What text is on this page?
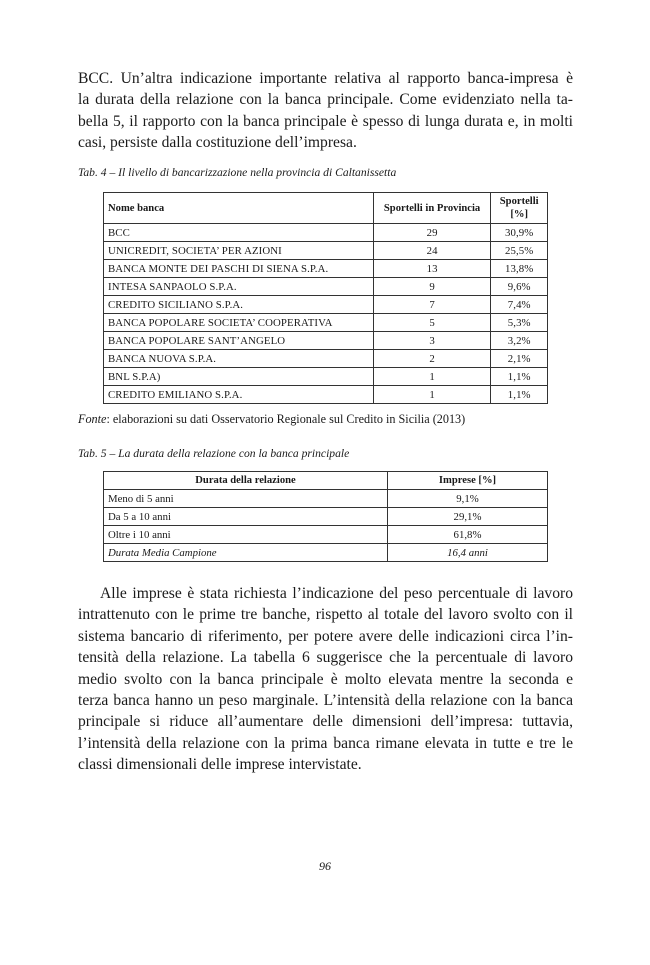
BCC. Un’altra indicazione importante relativa al rapporto banca-impresa è
la durata della relazione con la banca principale. Come evidenziato nella ta-
bella 5, il rapporto con la banca principale è spesso di lunga durata e, in molti
casi, persiste dalla costituzione dell’impresa.

Tab. 4 – Il livello di bancarizzazione nella provincia di Caltanissetta

Nome banca	Sportelli in Provincia	Sportelli [%]
BCC	29	30,9%
UNICREDIT, SOCIETA’ PER AZIONI	24	25,5%
BANCA MONTE DEI PASCHI DI SIENA S.P.A.	13	13,8%
INTESA SANPAOLO S.P.A.	9	9,6%
CREDITO SICILIANO S.P.A.	7	7,4%
BANCA POPOLARE SOCIETA’ COOPERATIVA	5	5,3%
BANCA POPOLARE SANT’ANGELO	3	3,2%
BANCA NUOVA S.P.A.	2	2,1%
BNL S.P.A)	1	1,1%
CREDITO EMILIANO S.P.A.	1	1,1%

Fonte: elaborazioni su dati Osservatorio Regionale sul Credito in Sicilia (2013)

Tab. 5 – La durata della relazione con la banca principale

Durata della relazione	Imprese [%]
Meno di 5 anni	9,1%
Da 5 a 10 anni	29,1%
Oltre i 10 anni	61,8%
Durata Media Campione	16,4 anni
Alle imprese è stata richiesta l’indicazione del peso percentuale di lavoro
intrattenuto con le prime tre banche, rispetto al totale del lavoro svolto con il
sistema bancario di riferimento, per potere avere delle indicazioni circa l’in-
tensità della relazione. La tabella 6 suggerisce che la percentuale di lavoro
medio svolto con la banca principale è molto elevata mentre la seconda e
terza banca hanno un peso marginale. L’intensità della relazione con la banca
principale si riduce all’aumentare delle dimensioni dell’impresa: tuttavia,
l’intensità della relazione con la prima banca rimane elevata in tutte e tre le
classi dimensionali delle imprese intervistate.

96
